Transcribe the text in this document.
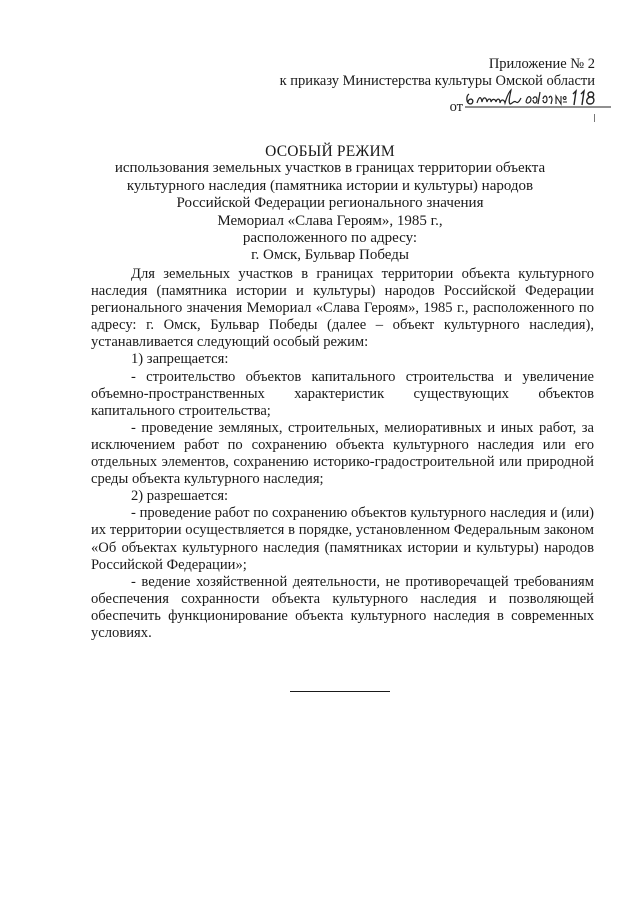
Приложение № 2
к приказу Министерства культуры Омской области
от
ОСОБЫЙ РЕЖИМ
использования земельных участков в границах территории объекта
культурного наследия (памятника истории и культуры) народов
Российской Федерации регионального значения
Мемориал «Слава Героям», 1985 г.,
расположенного по адресу:
г. Омск, Бульвар Победы

Для земельных участков в границах территории объекта культурного наследия (памятника истории и культуры) народов Российской Федерации регионального значения Мемориал «Слава Героям», 1985 г., расположенного по адресу: г. Омск, Бульвар Победы (далее – объект культурного наследия), устанавливается следующий особый режим:

1) запрещается:

- строительство объектов капитального строительства и увеличение объемно-пространственных характеристик существующих объектов капитального строительства;

- проведение земляных, строительных, мелиоративных и иных работ, за исключением работ по сохранению объекта культурного наследия или его отдельных элементов, сохранению историко-градостроительной или природной среды объекта культурного наследия;

2) разрешается:

- проведение работ по сохранению объектов культурного наследия и (или) их территории осуществляется в порядке, установленном Федеральным законом «Об объектах культурного наследия (памятниках истории и культуры) народов Российской Федерации»;

- ведение хозяйственной деятельности, не противоречащей требованиям обеспечения сохранности объекта культурного наследия и позволяющей обеспечить функционирование объекта культурного наследия в современных условиях.
